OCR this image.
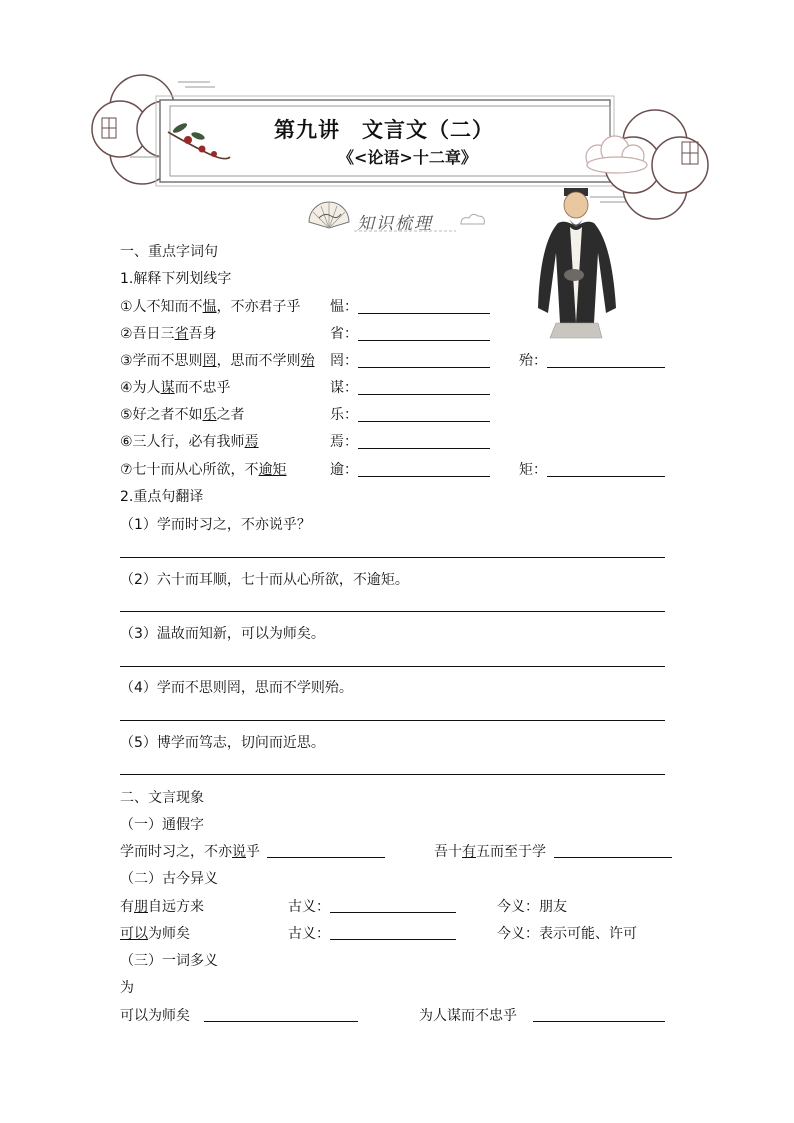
第九讲　文言文（二）
《<论语>十二章》
知识梳理
一、重点字词句
1.解释下列划线字
①人不知而不愠，不亦君子乎 愠：
②吾日三省吾身	省：
③学而不思则罔，思而不学则殆 罔：	殆：
④为人谋而不忠乎	谋：
⑤好之者不如乐之者	乐：
⑥三人行，必有我师焉	焉：
⑦七十而从心所欲，不逾矩	逾：	矩：
2.重点句翻译
（1）学而时习之，不亦说乎？
（2）六十而耳顺，七十而从心所欲，不逾矩。
（3）温故而知新，可以为师矣。
（4）学而不思则罔，思而不学则殆。
（5）博学而笃志，切问而近思。
二、文言现象
（一）通假字
学而时习之，不亦说乎	吾十有五而至于学
（二）古今异义
有朋自远方来	古义：	今义：朋友
可以为师矣	古义：	今义：表示可能、许可
（三）一词多义
为
可以为师矣	为人谋而不忠乎
